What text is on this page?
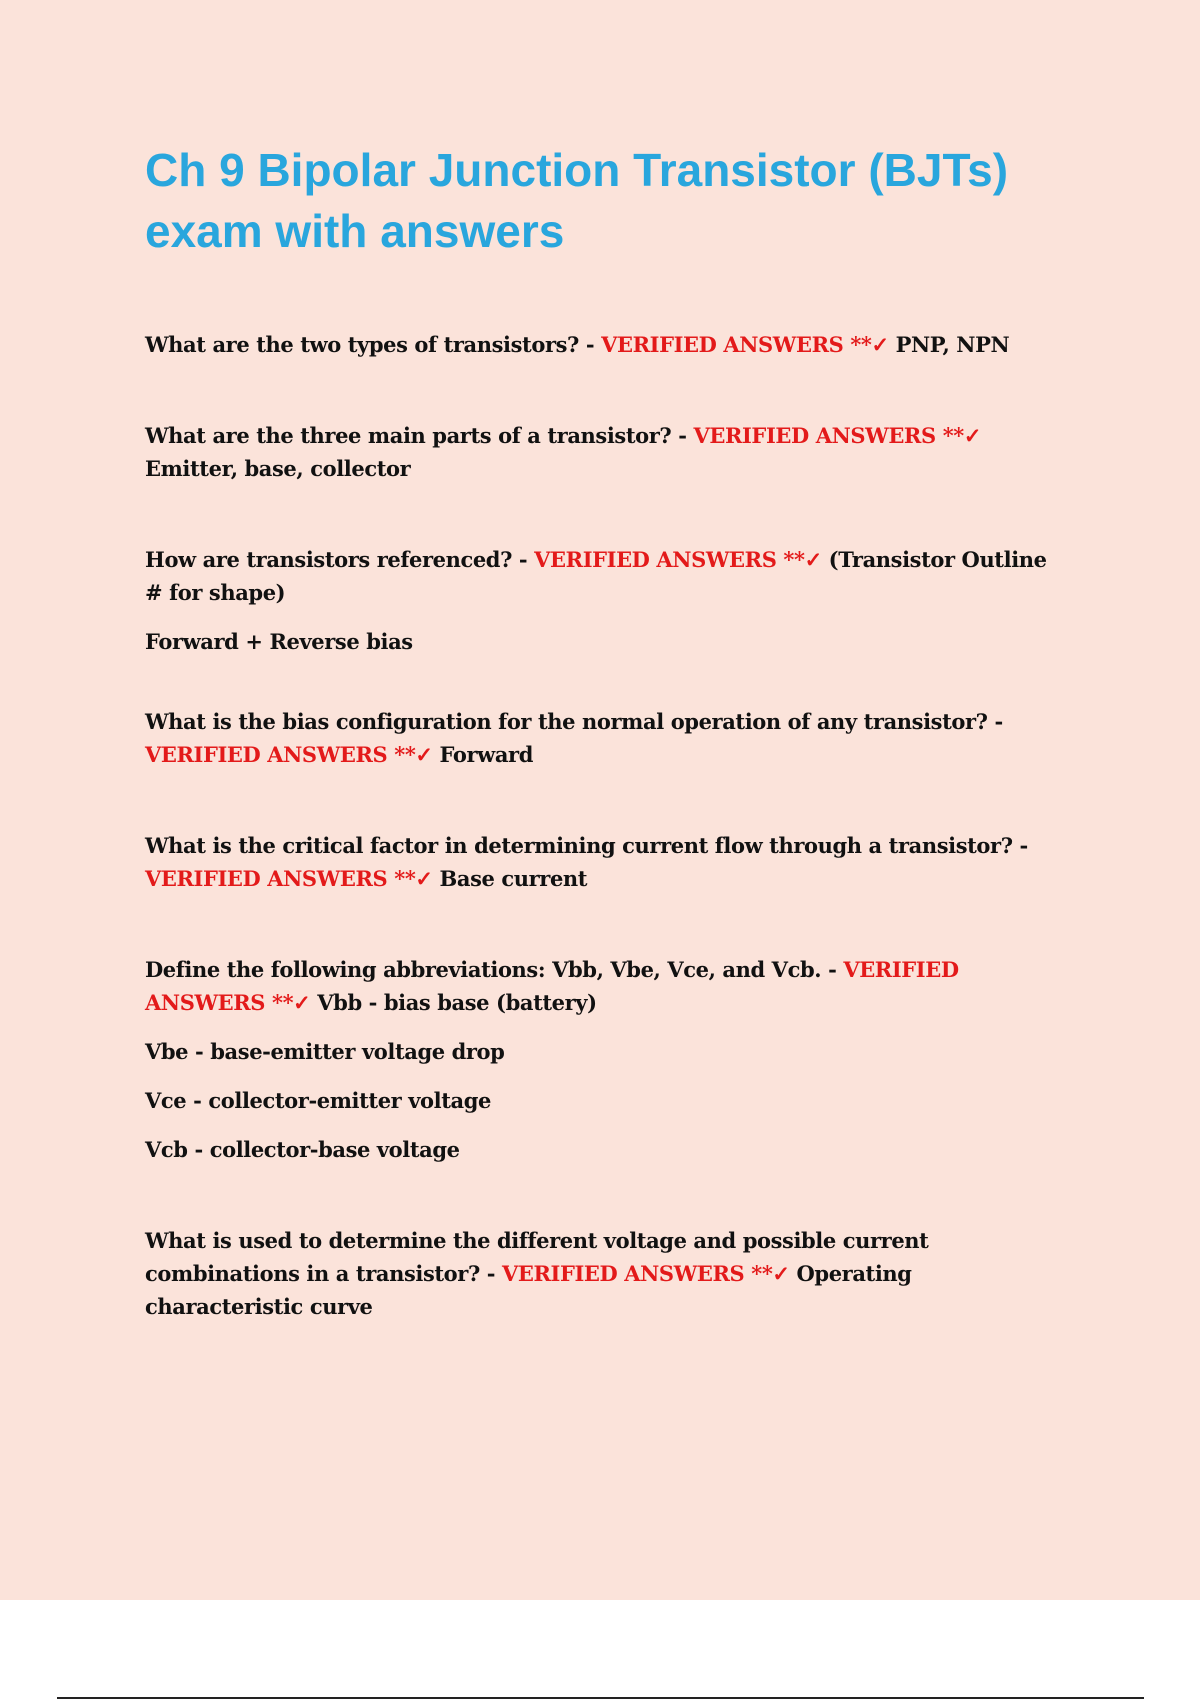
Ch 9 Bipolar Junction Transistor (BJTs) exam with answers

What are the two types of transistors? - VERIFIED ANSWERS **✓ PNP, NPN

What are the three main parts of a transistor? - VERIFIED ANSWERS **✓ Emitter, base, collector

How are transistors referenced? - VERIFIED ANSWERS **✓ (Transistor Outline # for shape)

Forward + Reverse bias

What is the bias configuration for the normal operation of any transistor? - VERIFIED ANSWERS **✓ Forward

What is the critical factor in determining current flow through a transistor? - VERIFIED ANSWERS **✓ Base current

Define the following abbreviations: Vbb, Vbe, Vce, and Vcb. - VERIFIED ANSWERS **✓ Vbb - bias base (battery)

Vbe - base-emitter voltage drop

Vce - collector-emitter voltage

Vcb - collector-base voltage

What is used to determine the different voltage and possible current combinations in a transistor? - VERIFIED ANSWERS **✓ Operating characteristic curve
